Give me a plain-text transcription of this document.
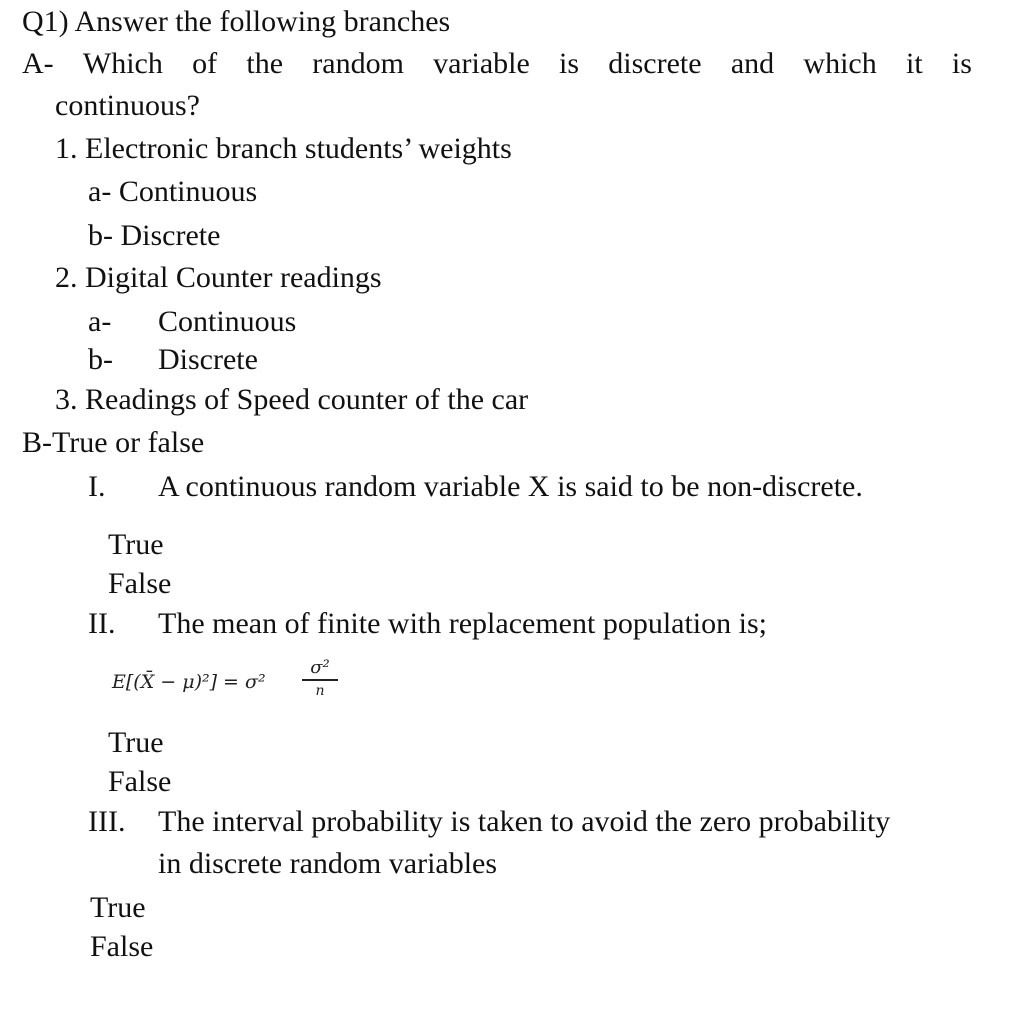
Q1) Answer the following branches
A- Which of the random variable is discrete and which it is
continuous?
1. Electronic branch students’ weights
a- Continuous
b- Discrete
2. Digital Counter readings
a- Continuous
b- Discrete
3. Readings of Speed counter of the car
B-True or false
I. A continuous random variable X is said to be non-discrete.
True
False
II. The mean of finite with replacement population is;
E[(X̄ − μ)²] = σ²
σ²
n
True
False
III. The interval probability is taken to avoid the zero probability
in discrete random variables
True
False
